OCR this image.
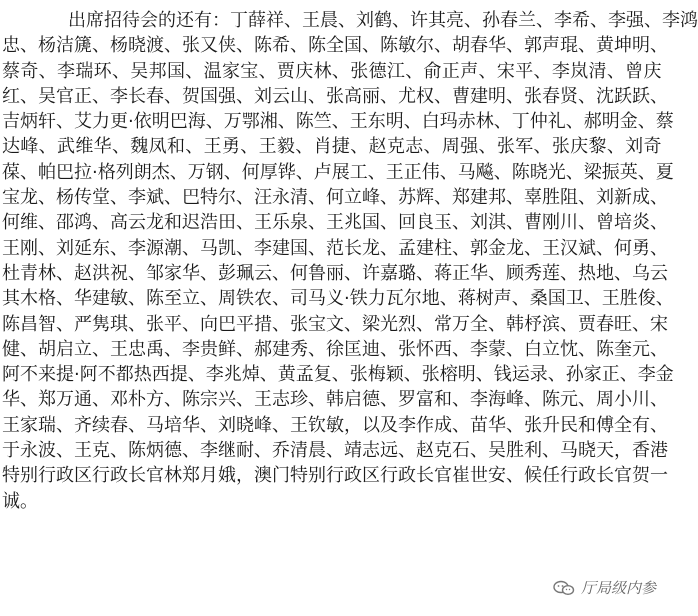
出 席 招 待 会 的 还 有 ： 丁 薛 祥 、 王 晨 、 刘 鹤 、 许 其 亮 、 孙 春 兰 、 李 希 、 李 强 、 李 鸿
忠 、 杨 洁 篪 、 杨 晓 渡 、 张 又 侠 、 陈 希 、 陈 全 国 、 陈 敏 尔 、 胡 春 华 、 郭 声 琨 、 黄 坤 明 、
蔡 奇 、 李 瑞 环 、 吴 邦 国 、 温 家 宝 、 贾 庆 林 、 张 德 江 、 俞 正 声 、 宋 平 、 李 岚 清 、 曾 庆
红 、 吴 官 正 、 李 长 春 、 贺 国 强 、 刘 云 山 、 张 高 丽 、 尤 权 、 曹 建 明 、 张 春 贤 、 沈 跃 跃 、
吉 炳 轩 、 艾 力 更 · 依 明 巴 海 、 万 鄂 湘 、 陈 竺 、 王 东 明 、 白 玛 赤 林 、 丁 仲 礼 、 郝 明 金 、 蔡
达 峰 、 武 维 华 、 魏 凤 和 、 王 勇 、 王 毅 、 肖 捷 、 赵 克 志 、 周 强 、 张 军 、 张 庆 黎 、 刘 奇
葆 、 帕 巴 拉 · 格 列 朗 杰 、 万 钢 、 何 厚 铧 、 卢 展 工 、 王 正 伟 、 马 飚 、 陈 晓 光 、 梁 振 英 、 夏
宝 龙 、 杨 传 堂 、 李 斌 、 巴 特 尔 、 汪 永 清 、 何 立 峰 、 苏 辉 、 郑 建 邦 、 辜 胜 阻 、 刘 新 成 、
何 维 、 邵 鸿 、 高 云 龙 和 迟 浩 田 、 王 乐 泉 、 王 兆 国 、 回 良 玉 、 刘 淇 、 曹 刚 川 、 曾 培 炎 、
王 刚 、 刘 延 东 、 李 源 潮 、 马 凯 、 李 建 国 、 范 长 龙 、 孟 建 柱 、 郭 金 龙 、 王 汉 斌 、 何 勇 、
杜 青 林 、 赵 洪 祝 、 邹 家 华 、 彭 珮 云 、 何 鲁 丽 、 许 嘉 璐 、 蒋 正 华 、 顾 秀 莲 、 热 地 、 乌 云
其 木 格 、 华 建 敏 、 陈 至 立 、 周 铁 农 、 司 马 义 · 铁 力 瓦 尔 地 、 蒋 树 声 、 桑 国 卫 、 王 胜 俊 、
陈 昌 智 、 严 隽 琪 、 张 平 、 向 巴 平 措 、 张 宝 文 、 梁 光 烈 、 常 万 全 、 韩 杼 滨 、 贾 春 旺 、 宋
健 、 胡 启 立 、 王 忠 禹 、 李 贵 鲜 、 郝 建 秀 、 徐 匡 迪 、 张 怀 西 、 李 蒙 、 白 立 忱 、 陈 奎 元 、
阿 不 来 提 · 阿 不 都 热 西 提 、 李 兆 焯 、 黄 孟 复 、 张 梅 颖 、 张 榕 明 、 钱 运 录 、 孙 家 正 、 李 金
华 、 郑 万 通 、 邓 朴 方 、 陈 宗 兴 、 王 志 珍 、 韩 启 德 、 罗 富 和 、 李 海 峰 、 陈 元 、 周 小 川 、
王 家 瑞 、 齐 续 春 、 马 培 华 、 刘 晓 峰 、 王 钦 敏 ， 以 及 李 作 成 、 苗 华 、 张 升 民 和 傅 全 有 、
于 永 波 、 王 克 、 陈 炳 德 、 李 继 耐 、 乔 清 晨 、 靖 志 远 、 赵 克 石 、 吴 胜 利 、 马 晓 天 ， 香 港
特 别 行 政 区 行 政 长 官 林 郑 月 娥 ， 澳 门 特 别 行 政 区 行 政 长 官 崔 世 安 、 候 任 行 政 长 官 贺 一
诚 。
厅局级内参
